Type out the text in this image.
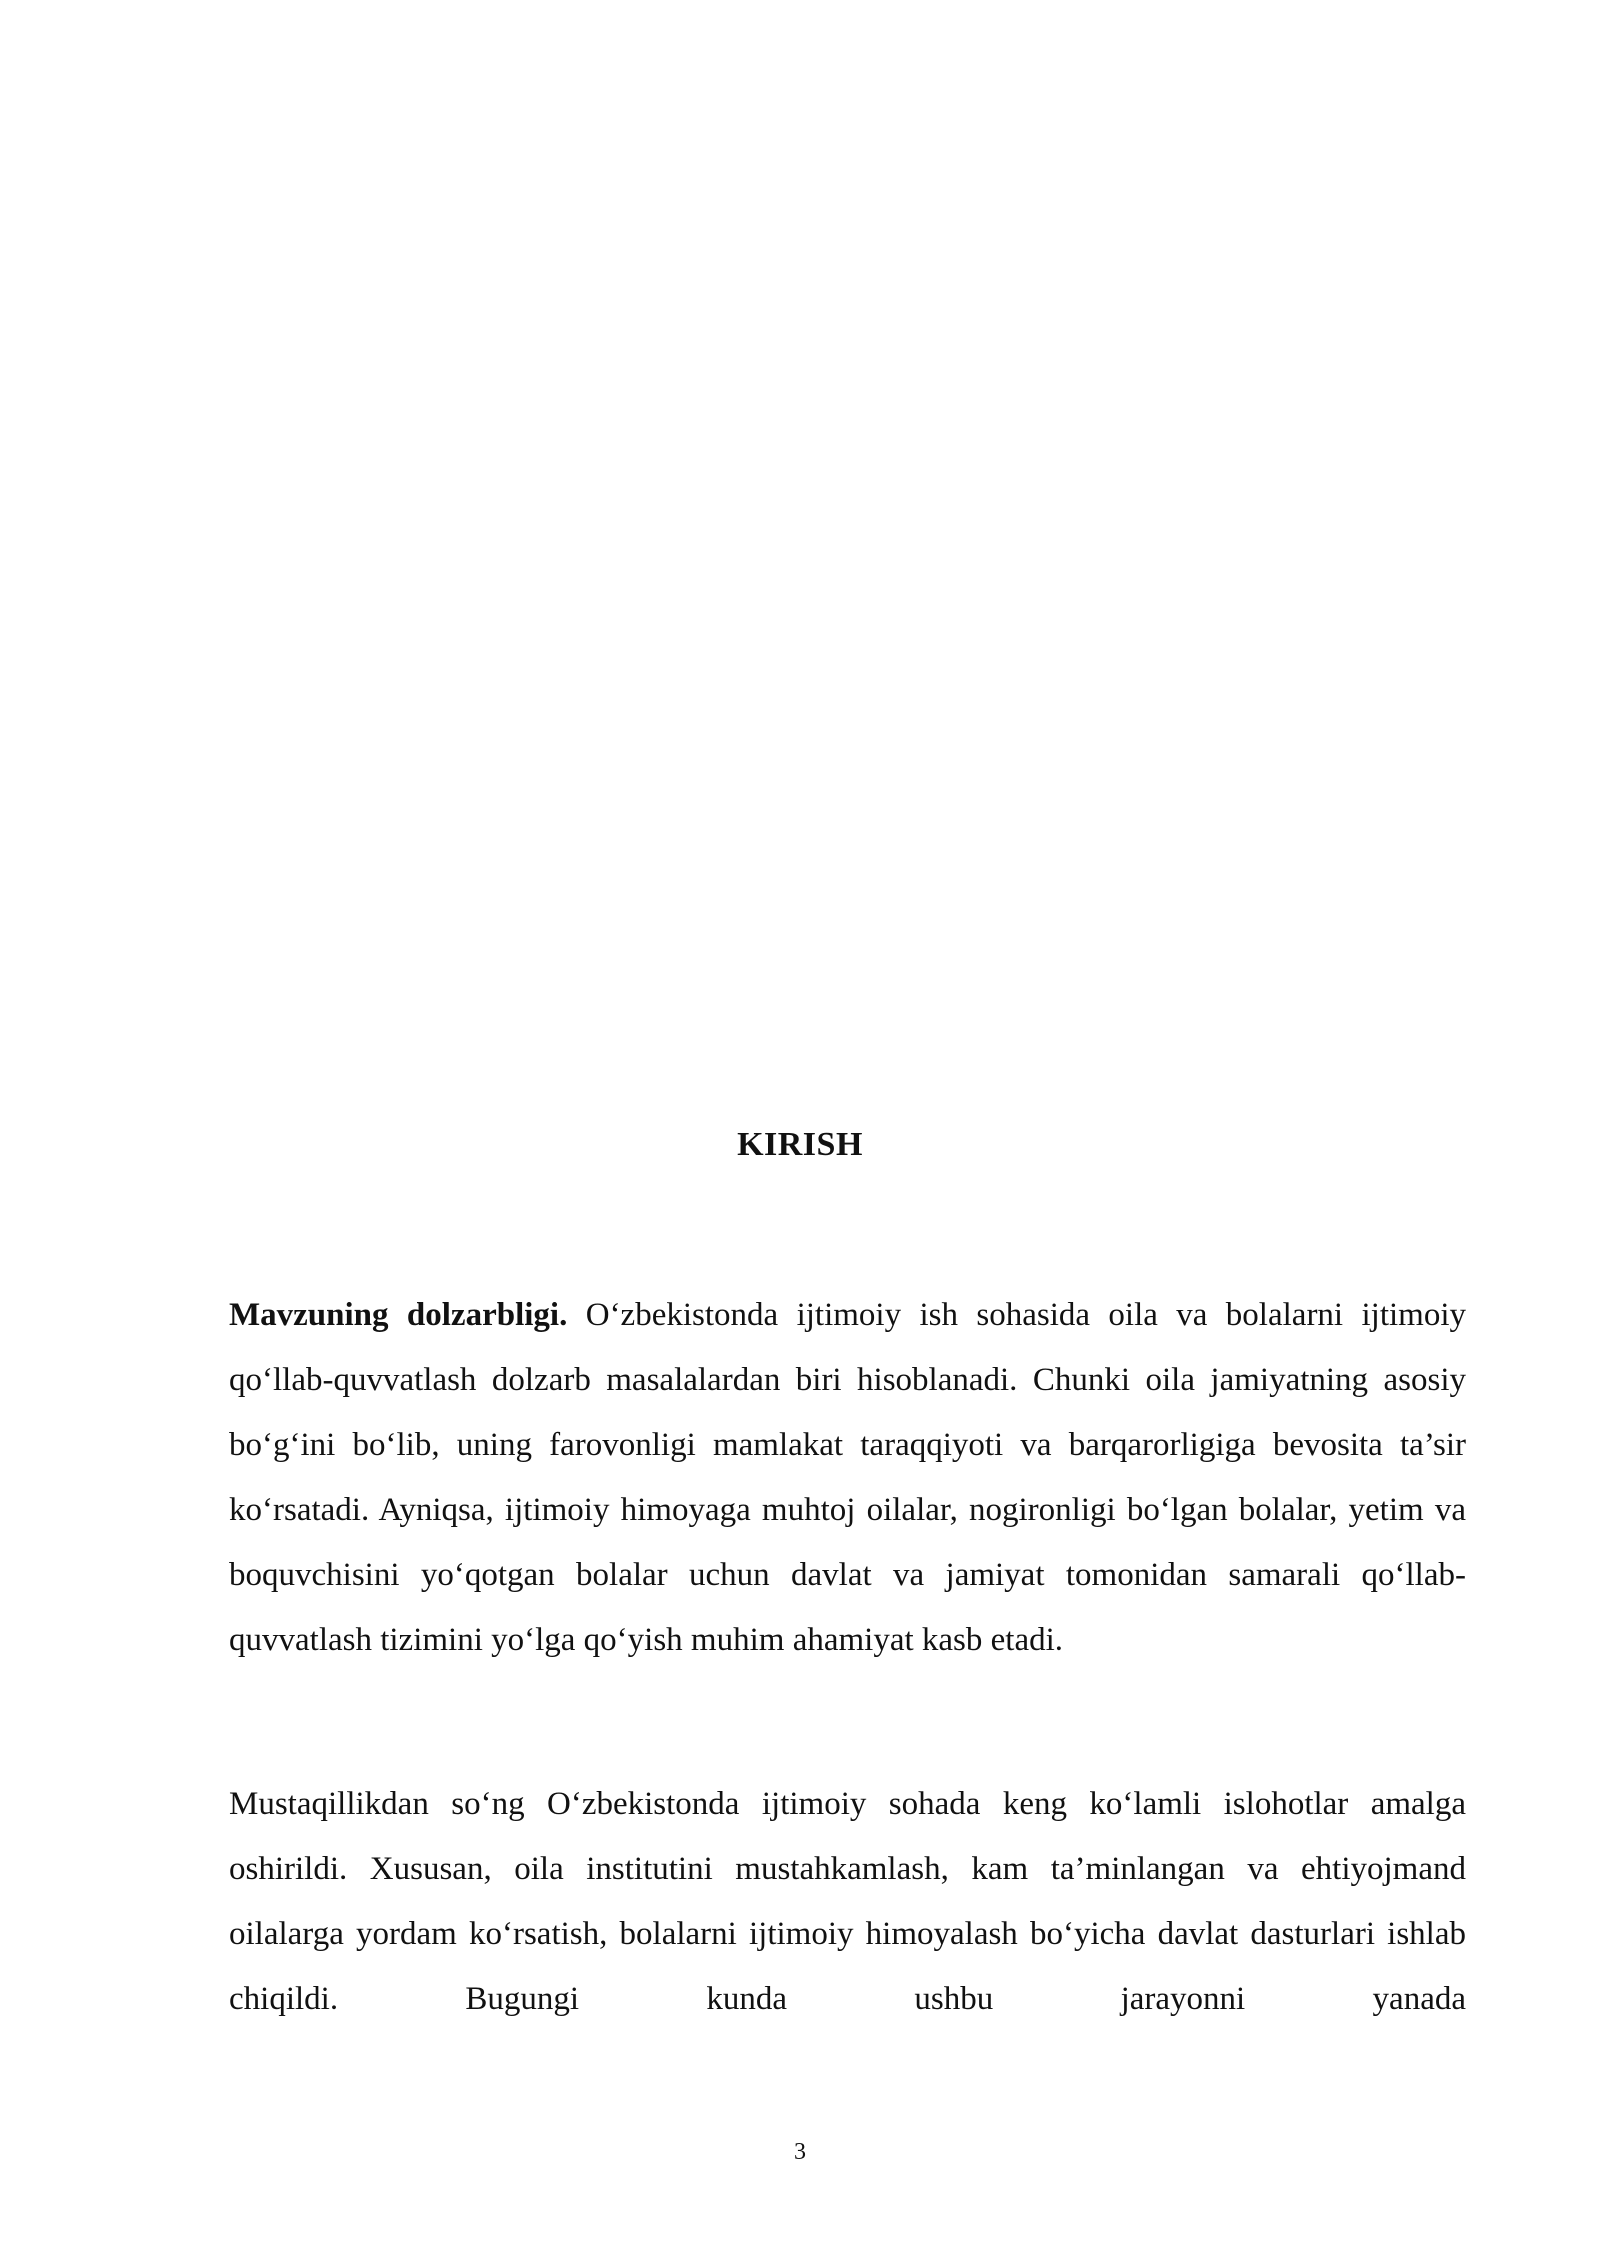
KIRISH

Mavzuning dolzarbligi. O‘zbekistonda ijtimoiy ish sohasida oila va bolalarni ijtimoiy qo‘llab-quvvatlash dolzarb masalalardan biri hisoblanadi. Chunki oila jamiyatning asosiy bo‘g‘ini bo‘lib, uning farovonligi mamlakat taraqqiyoti va barqarorligiga bevosita ta’sir ko‘rsatadi. Ayniqsa, ijtimoiy himoyaga muhtoj oilalar, nogironligi bo‘lgan bolalar, yetim va boquvchisini yo‘qotgan bolalar uchun davlat va jamiyat tomonidan samarali qo‘llab-quvvatlash tizimini yo‘lga qo‘yish muhim ahamiyat kasb etadi.

Mustaqillikdan so‘ng O‘zbekistonda ijtimoiy sohada keng ko‘lamli islohotlar amalga oshirildi. Xususan, oila institutini mustahkamlash, kam ta’minlangan va ehtiyojmand oilalarga yordam ko‘rsatish, bolalarni ijtimoiy himoyalash bo‘yicha davlat dasturlari ishlab chiqildi. Bugungi kunda ushbu jarayonni yanada

3
